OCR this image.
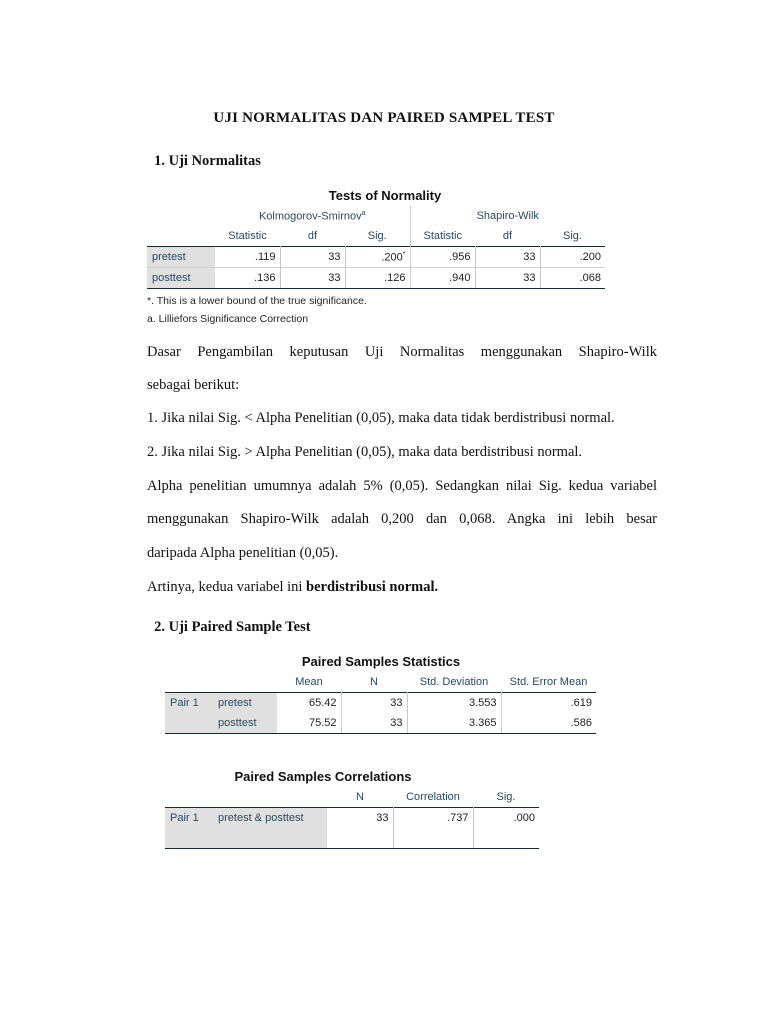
UJI NORMALITAS DAN PAIRED SAMPEL TEST
1. Uji Normalitas
Tests of Normality
	Kolmogorov-Smirnov$^a$			Shapiro-Wilk		
	Statistic	df	Sig.	Statistic	df	Sig.
pretest	.119	33	.200*	.956	33	.200
posttest	.136	33	.126	.940	33	.068
*. This is a lower bound of the true significance.
a. Lilliefors Significance Correction
Dasar Pengambilan keputusan Uji Normalitas menggunakan Shapiro-Wilk
sebagai berikut:
1. Jika nilai Sig. < Alpha Penelitian (0,05), maka data tidak berdistribusi normal.
2. Jika nilai Sig. > Alpha Penelitian (0,05), maka data berdistribusi normal.
Alpha penelitian umumnya adalah 5% (0,05). Sedangkan nilai Sig. kedua variabel
menggunakan Shapiro-Wilk adalah 0,200 dan 0,068. Angka ini lebih besar
daripada Alpha penelitian (0,05).
Artinya, kedua variabel ini berdistribusi normal.
2. Uji Paired Sample Test
Paired Samples Statistics
		Mean	N	Std. Deviation	Std. Error Mean
Pair 1	pretest	65.42	33	3.553	.619
	posttest	75.52	33	3.365	.586
Paired Samples Correlations
		N	Correlation	Sig.
Pair 1	pretest & posttest	33	.737	.000
